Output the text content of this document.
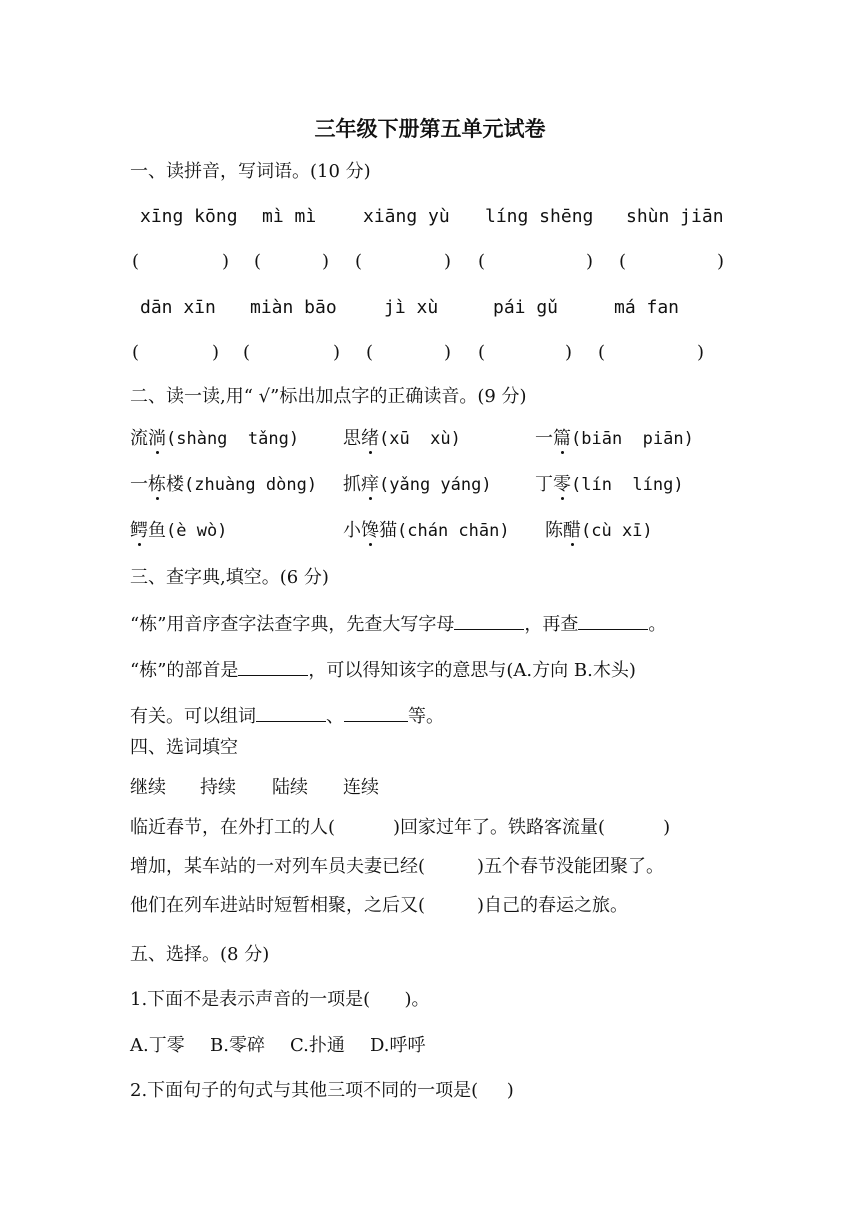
三年级下册第五单元试卷
一、读拼音，写词语。(10 分)
xīng kōng mì mì	xiāng yù líng shēng shùn jiān
(	) (	) (	) (	) (	)
dān xīn miàn bāo	jì xù	pái gǔ	má fan
(	) (	) (	) (	) (	)
二、读一读,用“ √”标出加点字的正确读音。(9 分)
流淌(shàng  tǎng) 思绪(xū  xù)	一篇(biān  piān)
一栋楼(zhuàng dòng) 抓痒(yǎng yáng) 丁零(lín  líng)
鳄鱼(è wò)	小馋猫(chán chān) 陈醋(cù xī)
三、查字典,填空。(6 分)
“栋”用音序查字法查字典，先查大写字母	，再查	。
“栋”的部首是	，可以得知该字的意思与(A.方向 B.木头)
有关。可以组词	、	等。
四、选词填空
继续 持续 陆续 连续
临近春节，在外打工的人(	)回家过年了。铁路客流量(	)
增加，某车站的一对列车员夫妻已经(	)五个春节没能团聚了。
他们在列车进站时短暂相聚，之后又(	)自己的春运之旅。
五、选择。(8 分)
1.下面不是表示声音的一项是(      )。
A.丁零 B.零碎 C.扑通 D.呼呼
2.下面句子的句式与其他三项不同的一项是(     )
